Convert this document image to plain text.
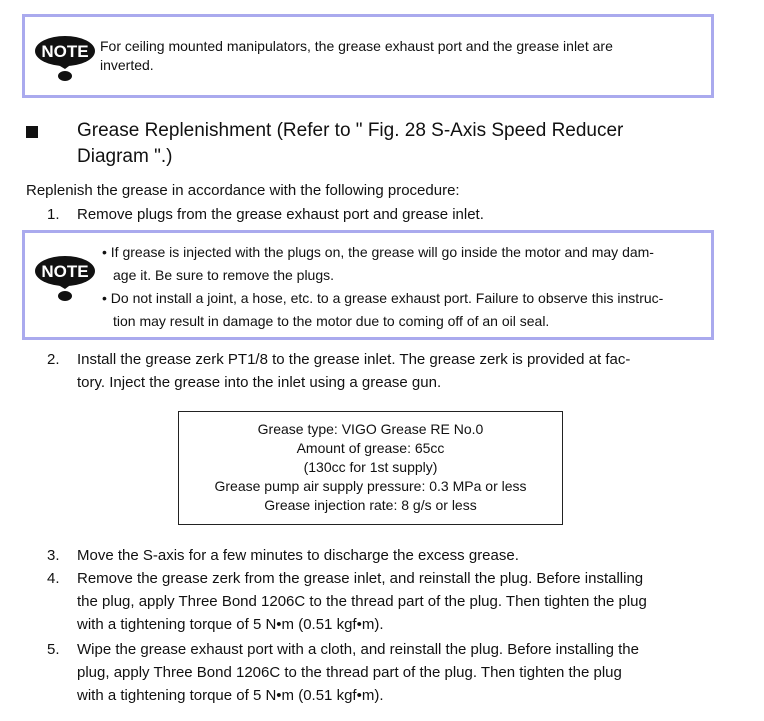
NOTE For ceiling mounted manipulators, the grease exhaust port and the grease inlet are
inverted.
Grease Replenishment (Refer to " Fig. 28 S-Axis Speed Reducer
Diagram ".)
Replenish the grease in accordance with the following procedure:
1. Remove plugs from the grease exhaust port and grease inlet.
NOTE
• If grease is injected with the plugs on, the grease will go inside the motor and may dam-
age it. Be sure to remove the plugs.
• Do not install a joint, a hose, etc. to a grease exhaust port. Failure to observe this instruc-
tion may result in damage to the motor due to coming off of an oil seal.
2. Install the grease zerk PT1/8 to the grease inlet. The grease zerk is provided at fac-
tory. Inject the grease into the inlet using a grease gun.
Grease type: VIGO Grease RE No.0
Amount of grease: 65cc
(130cc for 1st supply)
Grease pump air supply pressure: 0.3 MPa or less
Grease injection rate: 8 g/s or less
3. Move the S-axis for a few minutes to discharge the excess grease.
4. Remove the grease zerk from the grease inlet, and reinstall the plug. Before installing
the plug, apply Three Bond 1206C to the thread part of the plug. Then tighten the plug
with a tightening torque of 5 N•m (0.51 kgf•m).
5. Wipe the grease exhaust port with a cloth, and reinstall the plug. Before installing the
plug, apply Three Bond 1206C to the thread part of the plug. Then tighten the plug
with a tightening torque of 5 N•m (0.51 kgf•m).
